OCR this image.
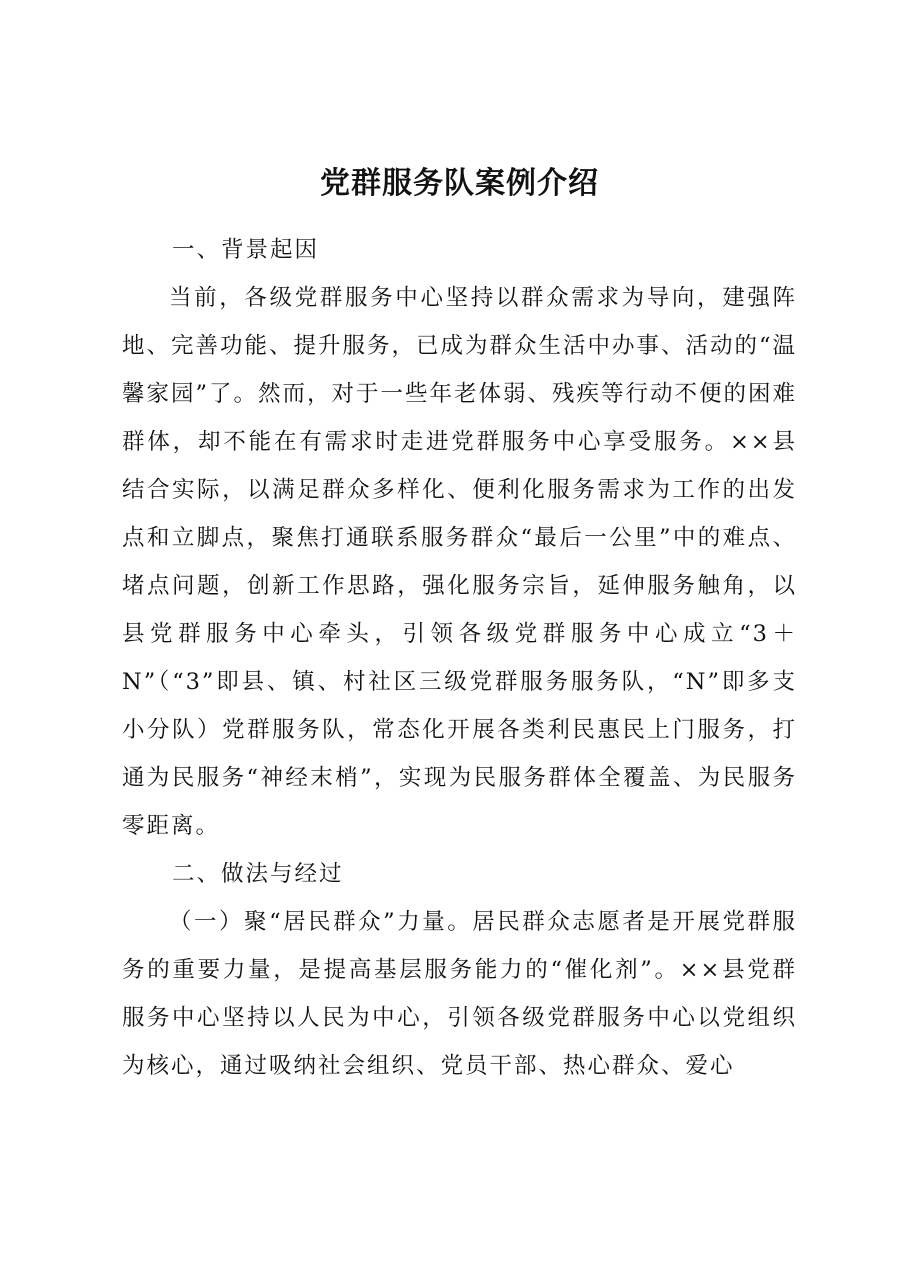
党群服务队案例介绍

一、背景起因

当前，各级党群服务中心坚持以群众需求为导向，建强阵地、完善功能、提升服务，已成为群众生活中办事、活动的“温馨家园”了。然而，对于一些年老体弱、残疾等行动不便的困难群体，却不能在有需求时走进党群服务中心享受服务。××县结合实际，以满足群众多样化、便利化服务需求为工作的出发点和立脚点，聚焦打通联系服务群众“最后一公里”中的难点、堵点问题，创新工作思路，强化服务宗旨，延伸服务触角，以县党群服务中心牵头，引领各级党群服务中心成立“3＋N”（“3”即县、镇、村社区三级党群服务服务队，“N”即多支小分队）党群服务队，常态化开展各类利民惠民上门服务，打通为民服务“神经末梢”，实现为民服务群体全覆盖、为民服务零距离。

二、做法与经过

（一）聚“居民群众”力量。居民群众志愿者是开展党群服务的重要力量，是提高基层服务能力的“催化剂”。××县党群服务中心坚持以人民为中心，引领各级党群服务中心以党组织为核心，通过吸纳社会组织、党员干部、热心群众、爱心
